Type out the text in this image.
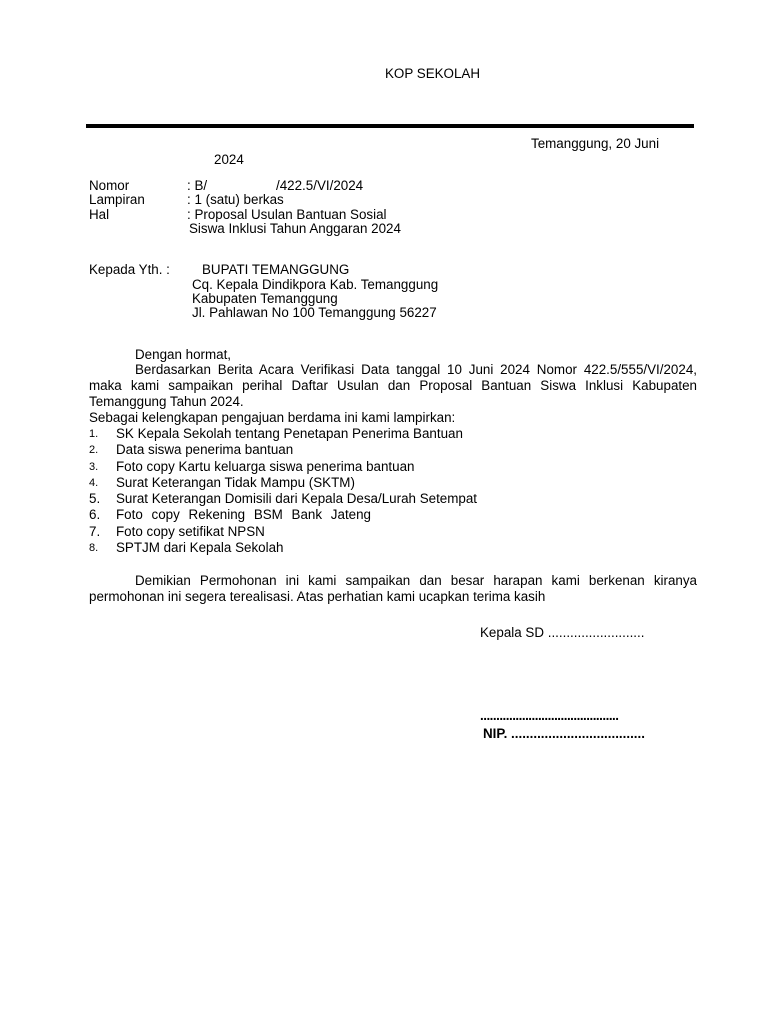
KOP SEKOLAH
Temanggung, 20 Juni
2024
Nomor	: B/	/422.5/VI/2024
Lampiran	: 1 (satu) berkas
Hal	: Proposal Usulan Bantuan Sosial
Siswa Inklusi Tahun Anggaran 2024
Kepada Yth. : BUPATI TEMANGGUNG
Cq. Kepala Dindikpora Kab. Temanggung
Kabupaten Temanggung
Jl. Pahlawan No 100 Temanggung 56227
Dengan hormat,
Berdasarkan Berita Acara Verifikasi Data tanggal 10 Juni 2024 Nomor 422.5/555/VI/2024, maka kami sampaikan perihal Daftar Usulan dan Proposal Bantuan Siswa Inklusi Kabupaten Temanggung Tahun 2024.
Sebagai kelengkapan pengajuan berdama ini kami lampirkan:
1. SK Kepala Sekolah tentang Penetapan Penerima Bantuan
2. Data siswa penerima bantuan
3. Foto copy Kartu keluarga siswa penerima bantuan
4. Surat Keterangan Tidak Mampu (SKTM)
5. Surat Keterangan Domisili dari Kepala Desa/Lurah Setempat
6. Foto copy Rekening BSM Bank Jateng
7. Foto copy setifikat NPSN
8. SPTJM dari Kepala Sekolah
Demikian Permohonan ini kami sampaikan dan besar harapan kami berkenan kiranya permohonan ini segera terealisasi. Atas perhatian kami ucapkan terima kasih
Kepala SD ..........................
...........................................
NIP. ....................................
